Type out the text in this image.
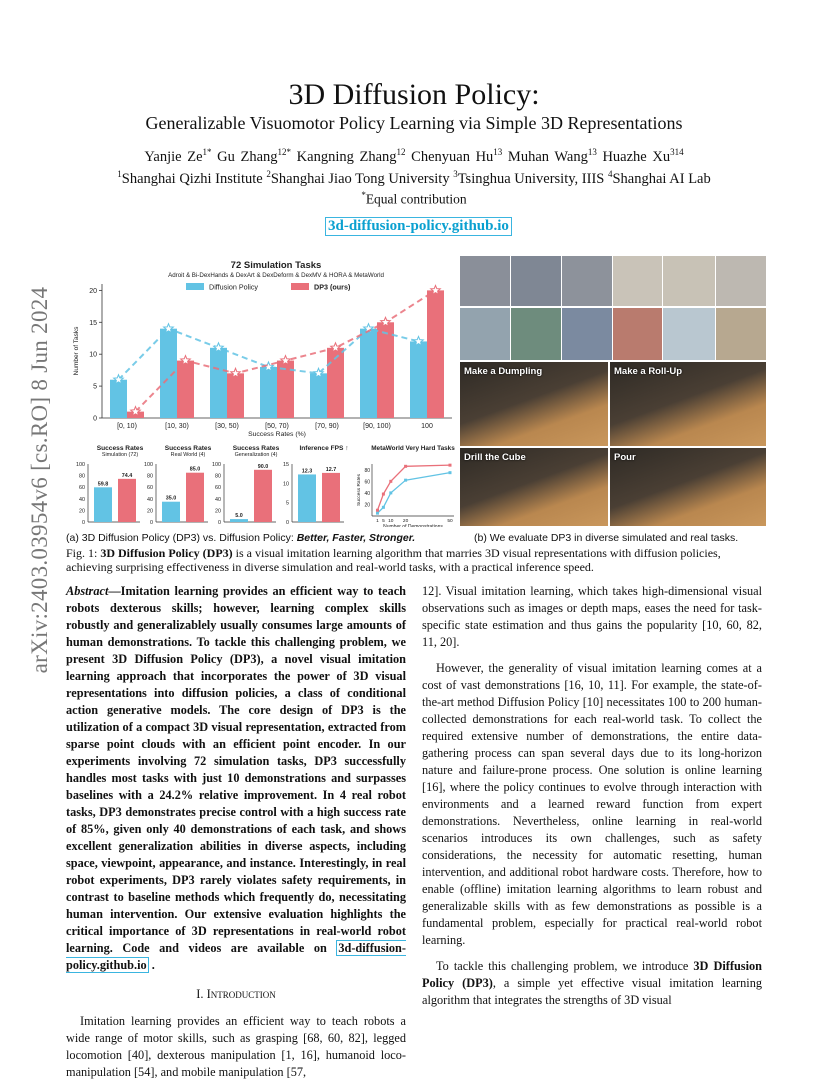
arXiv:2403.03954v6 [cs.RO] 8 Jun 2024
3D Diffusion Policy:
Generalizable Visuomotor Policy Learning via Simple 3D Representations
Yanjie $Ze^{1*}$ Gu Zhang$^{12*}$ Kangning Zhang$^{12}$ Chenyuan Hu$^{13}$ Muhan Wang$^{13}$ Huazhe Xu$^{314}$
$^1$Shanghai Qizhi Institute $^2$Shanghai Jiao Tong University $^3$Tsinghua University, IIIS $^4$Shanghai AI Lab
*Equal contribution
3d-diffusion-policy.github.io
72 Simulation Tasks
Adroit & Bi-DexHands & DexArt & DexDeform & DexMV & HORA & MetaWorld
Diffusion Policy	DP3 (ours)
0
5
10
15
20
Number of Tasks
[0, 10)	[10, 30)	[30, 50)	[50, 70)	[70, 90)	[90, 100)	100
Success Rates (%)
Success Rates
Simulation (72)
0
20
40
60
80
100
59.8
74.4
Success Rates
Real World (4)
0
20
40
60
80
100
35.0
85.0
Success Rates
Generalization (4)
0
20
40
60
80
100
5.0
90.0
Inference FPS ↑
0
5
10
15
12.3	12.7
MetaWorld Very Hard Tasks
20
40
60
80
1 5 10 20	50
Number of Demonstrations
Success Rates
Make a Dumpling	Make a Roll-Up
Drill the Cube	Pour
(a) 3D Diffusion Policy (DP3) vs. Diffusion Policy: Better, Faster, Stronger.	(b) We evaluate DP3 in diverse simulated and real tasks.
Fig. 1: 3D Diffusion Policy (DP3) is a visual imitation learning algorithm that marries 3D visual representations with diffusion policies, achieving surprising effectiveness in diverse simulation and real-world tasks, with a practical inference speed.

Abstract—Imitation learning provides an efficient way to teach robots dexterous skills; however, learning complex skills robustly and generalizablely usually consumes large amounts of human demonstrations. To tackle this challenging problem, we present 3D Diffusion Policy (DP3), a novel visual imitation learning approach that incorporates the power of 3D visual representations into diffusion policies, a class of conditional action generative models. The core design of DP3 is the utilization of a compact 3D visual representation, extracted from sparse point clouds with an efficient point encoder. In our experiments involving 72 simulation tasks, DP3 successfully handles most tasks with just 10 demonstrations and surpasses baselines with a 24.2% relative improvement. In 4 real robot tasks, DP3 demonstrates precise control with a high success rate of 85%, given only 40 demonstrations of each task, and shows excellent generalization abilities in diverse aspects, including space, viewpoint, appearance, and instance. Interestingly, in real robot experiments, DP3 rarely violates safety requirements, in contrast to baseline methods which frequently do, necessitating human intervention. Our extensive evaluation highlights the critical importance of 3D representations in real-world robot learning. Code and videos are available on 3d-diffusion-policy.github.io .

I. Introduction

Imitation learning provides an efficient way to teach robots a wide range of motor skills, such as grasping [68, 60, 82], legged locomotion [40], dexterous manipulation [1, 16], humanoid loco-manipulation [54], and mobile manipulation [57,

12]. Visual imitation learning, which takes high-dimensional visual observations such as images or depth maps, eases the need for task-specific state estimation and thus gains the popularity [10, 60, 82, 11, 20].

However, the generality of visual imitation learning comes at a cost of vast demonstrations [16, 10, 11]. For example, the state-of-the-art method Diffusion Policy [10] necessitates 100 to 200 human-collected demonstrations for each real-world task. To collect the required extensive number of demonstrations, the entire data-gathering process can span several days due to its long-horizon nature and failure-prone process. One solution is online learning [16], where the policy continues to evolve through interaction with environments and a learned reward function from expert demonstrations. Nevertheless, online learning in real-world scenarios introduces its own challenges, such as safety considerations, the necessity for automatic resetting, human intervention, and additional robot hardware costs. Therefore, how to enable (offline) imitation learning algorithms to learn robust and generalizable skills with as few demonstrations as possible is a fundamental problem, especially for practical real-world robot learning.

To tackle this challenging problem, we introduce 3D Diffusion Policy (DP3), a simple yet effective visual imitation learning algorithm that integrates the strengths of 3D visual
